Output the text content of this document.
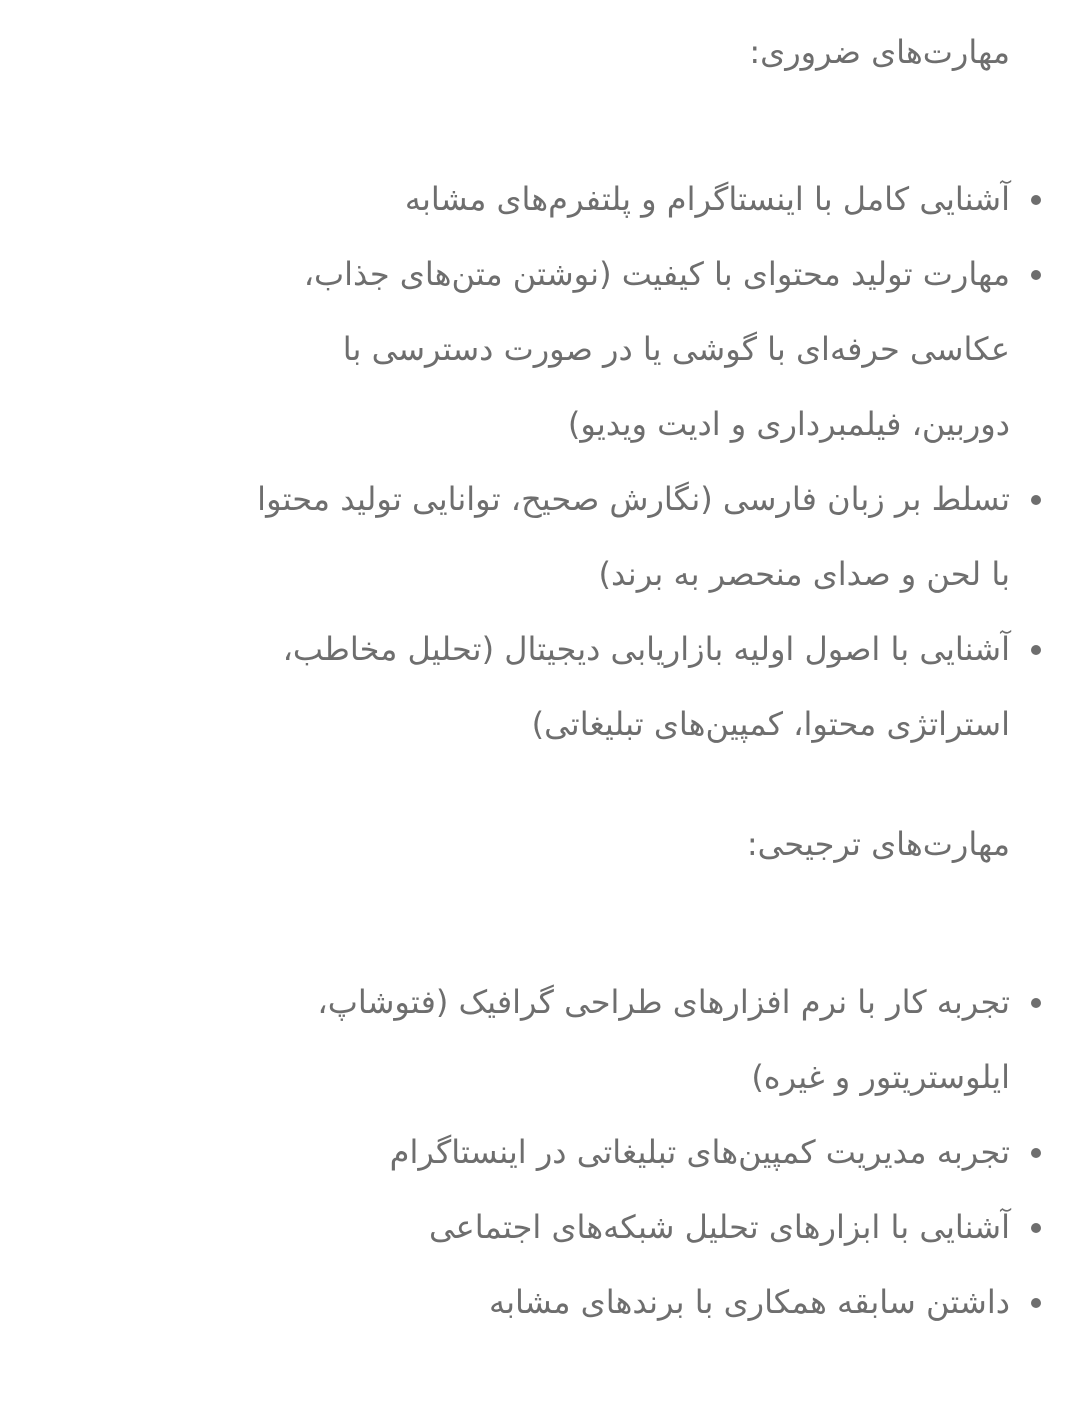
مهارت‌های ضروری:
آشنایی کامل با اینستاگرام و پلتفرم‌های مشابه
مهارت تولید محتوای با کیفیت (نوشتن متن‌های جذاب،
عکاسی حرفه‌ای با گوشی یا در صورت دسترسی با
دوربین، فیلمبرداری و ادیت ویدیو)
تسلط بر زبان فارسی (نگارش صحیح، توانایی تولید محتوا
با لحن و صدای منحصر به برند)
آشنایی با اصول اولیه بازاریابی دیجیتال (تحلیل مخاطب،
استراتژی محتوا، کمپین‌های تبلیغاتی)
مهارت‌های ترجیحی:
تجربه کار با نرم افزارهای طراحی گرافیک (فتوشاپ،
ایلوستریتور و غیره)
تجربه مدیریت کمپین‌های تبلیغاتی در اینستاگرام
آشنایی با ابزارهای تحلیل شبکه‌های اجتماعی
داشتن سابقه همکاری با برندهای مشابه
